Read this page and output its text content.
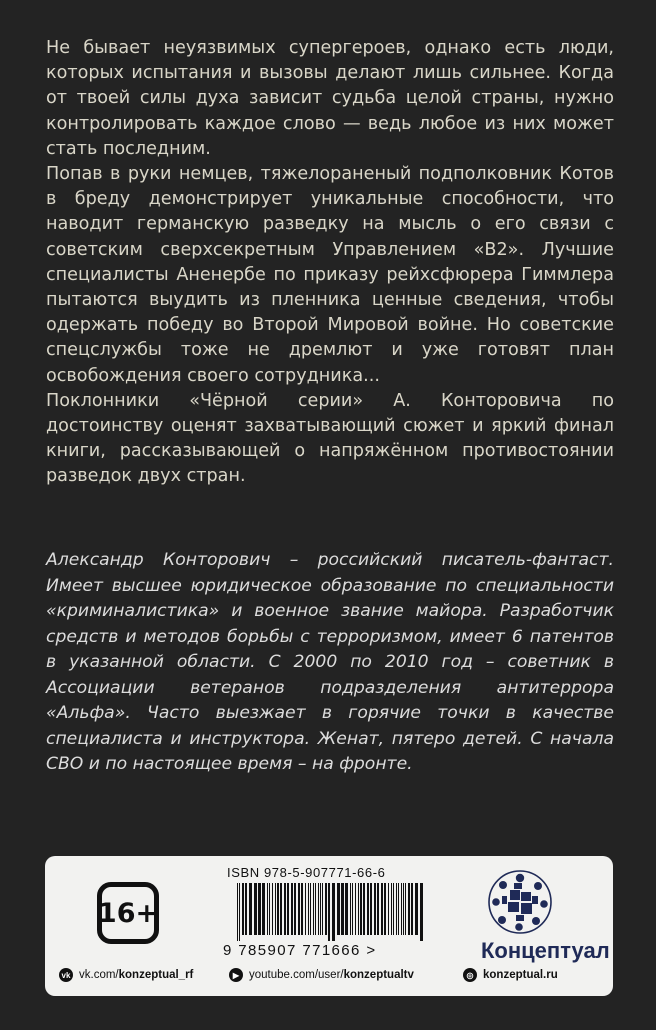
Не бывает неуязвимых супергероев, однако есть люди, которых испытания и вызовы делают лишь сильнее. Когда от твоей силы духа зависит судьба целой страны, нужно контролировать каждое слово — ведь любое из них может стать последним.

Попав в руки немцев, тяжелораненый подполковник Котов в бреду демонстрирует уникальные способности, что наводит германскую разведку на мысль о его связи с советским сверхсекретным Управлением «В2». Лучшие специалисты Аненербе по приказу рейхсфюрера Гиммлера пытаются выудить из пленника ценные сведения, чтобы одержать победу во Второй Мировой войне. Но советские спецслужбы тоже не дремлют и уже готовят план освобождения своего сотрудника...

Поклонники «Чёрной серии» А. Конторовича по достоинству оценят захватывающий сюжет и яркий финал книги, рассказывающей о напряжённом противостоянии разведок двух стран.

Александр Конторович – российский писатель-фантаст. Имеет высшее юридическое образование по специальности «криминалистика» и военное звание майора. Разработчик средств и методов борьбы с терроризмом, имеет 6 патентов в указанной области. С 2000 по 2010 год – советник в Ассоциации ветеранов подразделения антитеррора «Альфа». Часто выезжает в горячие точки в качестве специалиста и инструктора. Женат, пятеро детей. С начала СВО и по настоящее время – на фронте.

16+
ISBN 978-5-907771-66-6
9 785907 771666 >	Концептуал
vk vk.com/ konzeptual_rf	▶ youtube.com/user/ konzeptualtv	◎ konzeptual.ru
